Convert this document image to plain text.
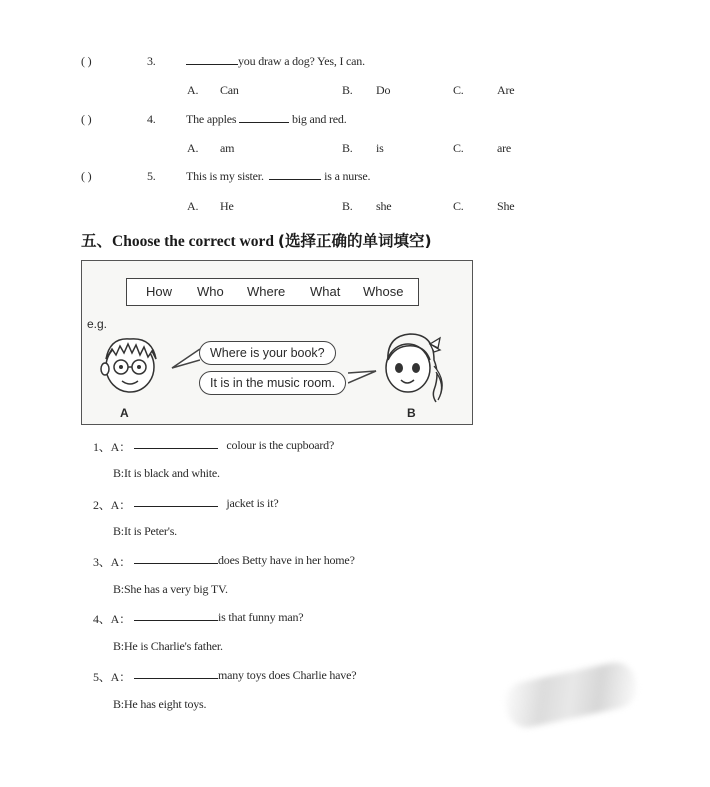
( )	3.	you draw a dog? Yes, I can.
A. Can	B. Do	C.	Are
( )	4.	The apples	big and red.
A. am	B. is	C.	are
( )	5.	This is my sister.	is a nurse.
A. He	B. she	C.	She
五、Choose the correct word (选择正确的单词填空)
How Who Where What Whose
e.g.
A
Where is your book?
It is in the music room.
B
1、A：	colour is the cupboard?
B:It is black and white.
2、A：	jacket is it?
B:It is Peter's.
3、A：	does Betty have in her home?
B:She has a very big TV.
4、A：	is that funny man?
B:He is Charlie's father.
5、A：	many toys does Charlie have?
B:He has eight toys.
